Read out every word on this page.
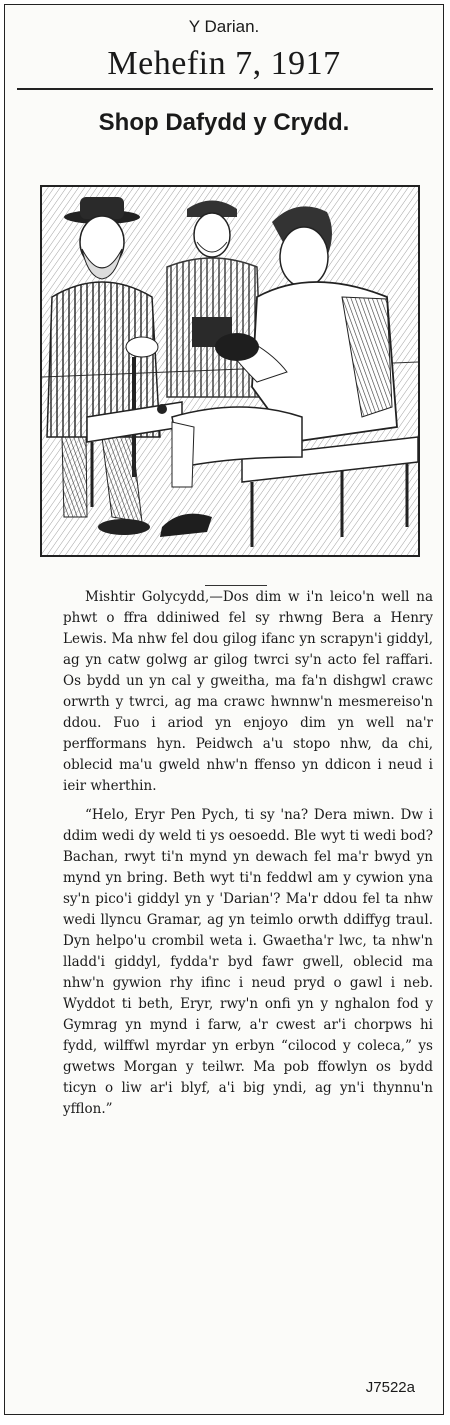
Y Darian.
Mehefin 7, 1917
Shop Dafydd y Crydd.

Mishtir Golycydd,—Dos dim w i'n leico'n well na phwt o ffra ddiniwed fel sy rhwng Bera a Henry Lewis. Ma nhw fel dou gilog ifanc yn scrapyn'i giddyl, ag yn catw golwg ar gilog twrci sy'n acto fel raffari. Os bydd un yn cal y gweitha, ma fa'n dishgwl crawc orwrth y twrci, ag ma crawc hwnnw'n mesmereiso'n ddou. Fuo i ariod yn enjoyo dim yn well na'r perfformans hyn. Peidwch a'u stopo nhw, da chi, oblecid ma'u gweld nhw'n ffenso yn ddicon i neud i ieir wherthin.

“Helo, Eryr Pen Pych, ti sy 'na? Dera miwn. Dw i ddim wedi dy weld ti ys oesoedd. Ble wyt ti wedi bod? Bachan, rwyt ti'n mynd yn dewach fel ma'r bwyd yn mynd yn bring. Beth wyt ti'n feddwl am y cywion yna sy'n pico'i giddyl yn y 'Darian'? Ma'r ddou fel ta nhw wedi llyncu Gramar, ag yn teimlo orwth ddiffyg traul. Dyn helpo'u crombil weta i. Gwaetha'r lwc, ta nhw'n lladd'i giddyl, fydda'r byd fawr gwell, oblecid ma nhw'n gywion rhy ifinc i neud pryd o gawl i neb. Wyddot ti beth, Eryr, rwy'n onfi yn y nghalon fod y Gymrag yn mynd i farw, a'r cwest ar'i chorpws hi fydd, wilffwl myrdar yn erbyn “cilocod y coleca,” ys gwetws Morgan y teilwr. Ma pob ffowlyn os bydd ticyn o liw ar'i blyf, a'i big yndi, ag yn'i thynnu'n yfflon.”

J7522a
